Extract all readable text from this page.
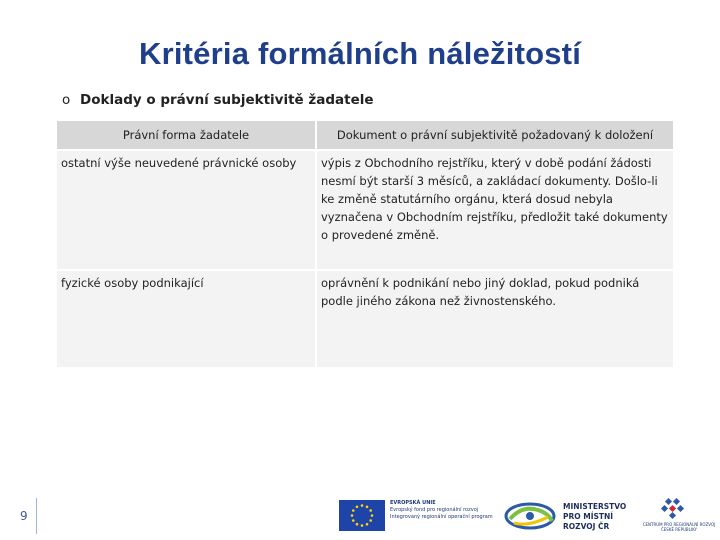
Kritéria formálních náležitostí
o Doklady o právní subjektivitě žadatele
Právní forma žadatele	Dokument o právní subjektivitě požadovaný k doložení
ostatní výše neuvedené právnické osoby	výpis z Obchodního rejstříku, který v době podání žádosti nesmí být starší 3 měsíců, a zakládací dokumenty. Došlo-li ke změně statutárního orgánu, která dosud nebyla vyznačena v Obchodním rejstříku, předložit také dokumenty o provedené změně.
fyzické osoby podnikající	oprávnění k podnikání nebo jiný doklad, pokud podniká podle jiného zákona než živnostenského.
9
EVROPSKÁ UNIE
Evropský fond pro regionální rozvoj
Integrovaný regionální operační program
MINISTERSTVO
PRO MÍSTNÍ
ROZVOJ ČR	CENTRUM PRO REGIONÁLNÍ ROZVOJ
ČESKÉ REPUBLIKY
